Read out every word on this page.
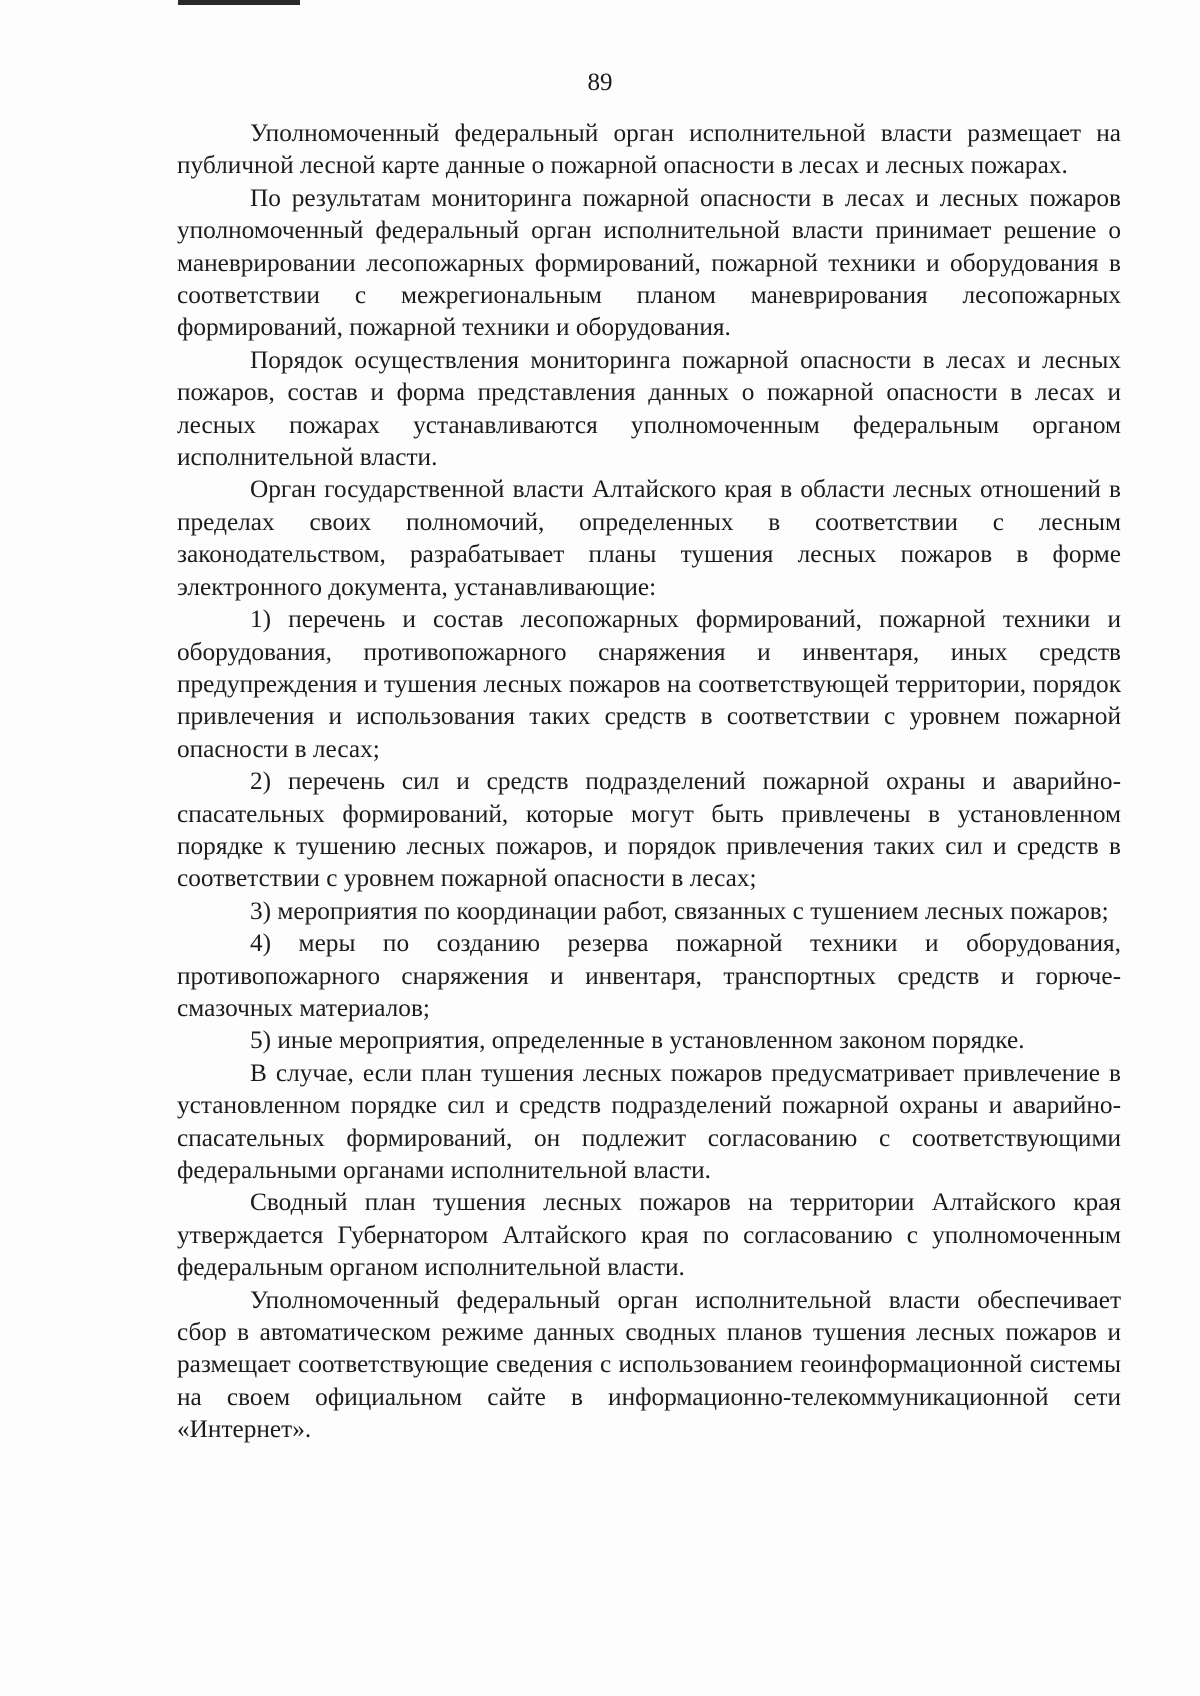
89

Уполномоченный федеральный орган исполнительной власти размещает на публичной лесной карте данные о пожарной опасности в лесах и лесных пожарах.

По результатам мониторинга пожарной опасности в лесах и лесных пожаров уполномоченный федеральный орган исполнительной власти принимает решение о маневрировании лесопожарных формирований, пожарной техники и оборудования в соответствии с межрегиональным планом маневрирования лесопожарных формирований, пожарной техники и оборудования.

Порядок осуществления мониторинга пожарной опасности в лесах и лесных пожаров, состав и форма представления данных о пожарной опасности в лесах и лесных пожарах устанавливаются уполномоченным федеральным органом исполнительной власти.

Орган государственной власти Алтайского края в области лесных отношений в пределах своих полномочий, определенных в соответствии с лесным законодательством, разрабатывает планы тушения лесных пожаров в форме электронного документа, устанавливающие:

1) перечень и состав лесопожарных формирований, пожарной техники и оборудования, противопожарного снаряжения и инвентаря, иных средств предупреждения и тушения лесных пожаров на соответствующей территории, порядок привлечения и использования таких средств в соответствии с уровнем пожарной опасности в лесах;

2) перечень сил и средств подразделений пожарной охраны и аварийно-спасательных формирований, которые могут быть привлечены в установленном порядке к тушению лесных пожаров, и порядок привлечения таких сил и средств в соответствии с уровнем пожарной опасности в лесах;

3) мероприятия по координации работ, связанных с тушением лесных пожаров;

4) меры по созданию резерва пожарной техники и оборудования, противопожарного снаряжения и инвентаря, транспортных средств и горюче-смазочных материалов;

5) иные мероприятия, определенные в установленном законом порядке.

В случае, если план тушения лесных пожаров предусматривает привлечение в установленном порядке сил и средств подразделений пожарной охраны и аварийно-спасательных формирований, он подлежит согласованию с соответствующими федеральными органами исполнительной власти.

Сводный план тушения лесных пожаров на территории Алтайского края утверждается Губернатором Алтайского края по согласованию с уполномоченным федеральным органом исполнительной власти.

Уполномоченный федеральный орган исполнительной власти обеспечивает сбор в автоматическом режиме данных сводных планов тушения лесных пожаров и размещает соответствующие сведения с использованием геоинформационной системы на своем официальном сайте в информационно-телекоммуникационной сети «Интернет».
